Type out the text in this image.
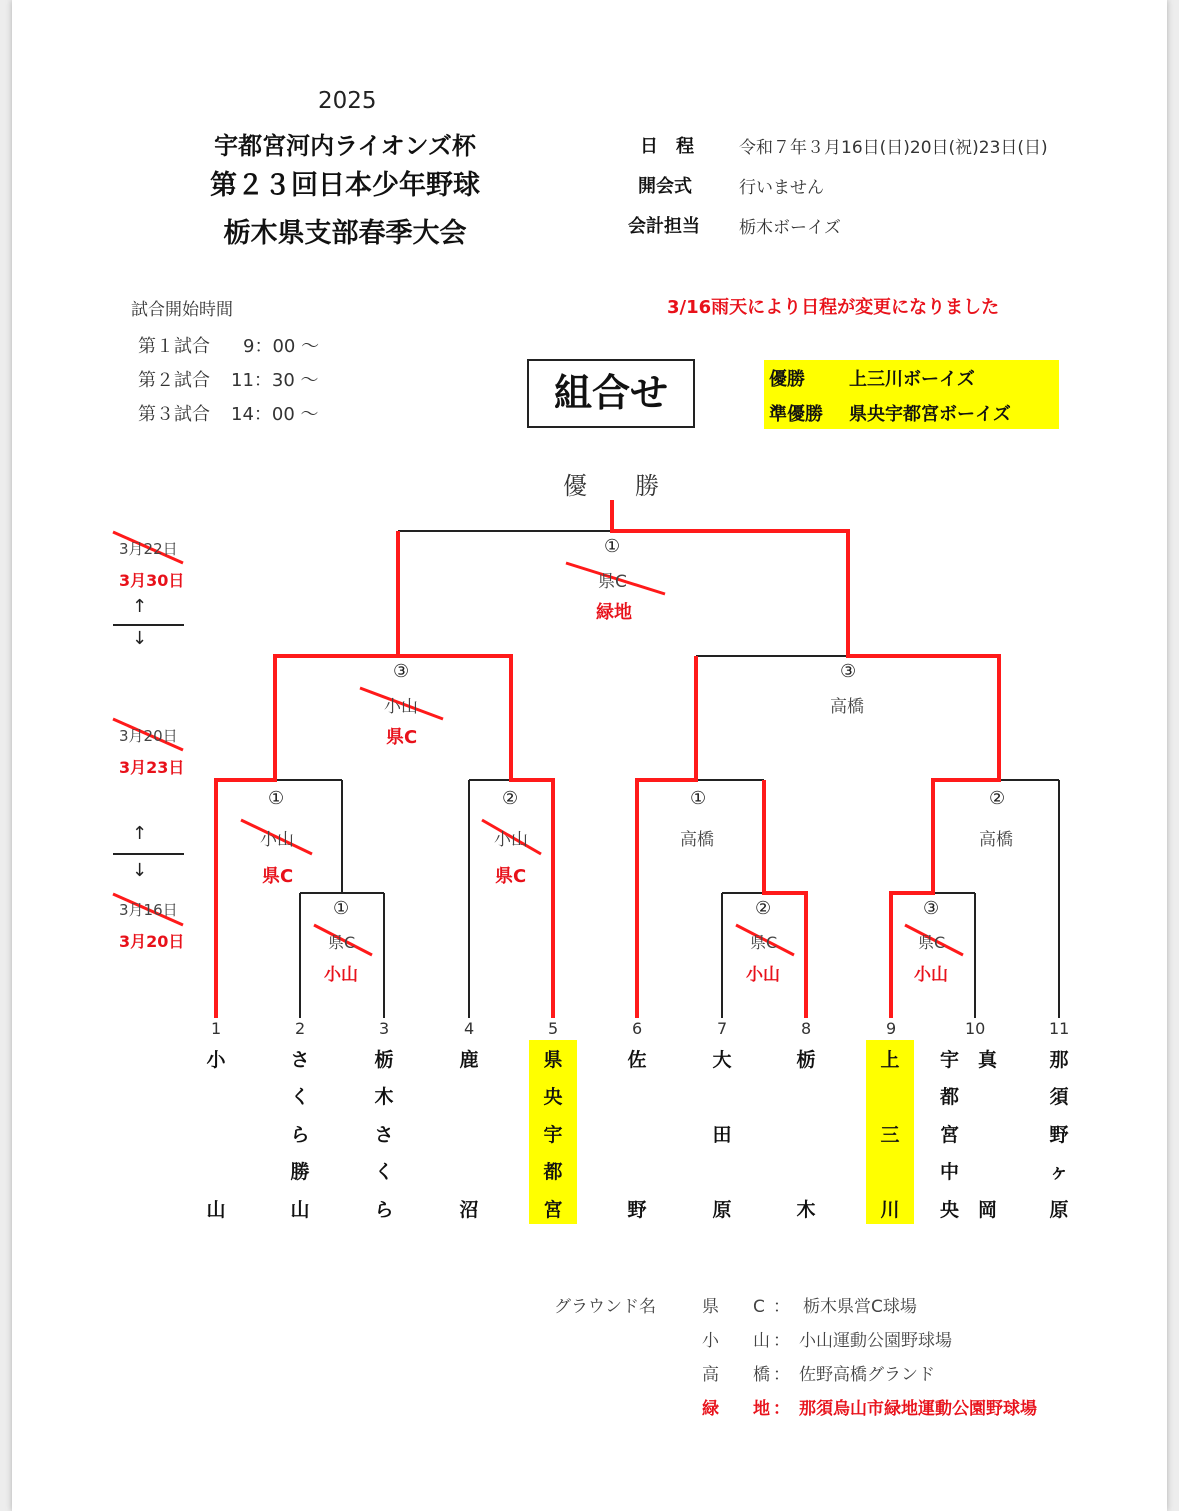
2025
宇都宮河内ライオンズ杯
第２３回日本少年野球
栃木県支部春季大会
日　程	令和７年３月16日(日)20日(祝)23日(日)
開会式	行いません
会計担当 栃木ボーイズ
3/16雨天により日程が変更になりました
試合開始時間
第１試合 9：00 ～
第２試合 11：30 ～
第３試合 14：00 ～	組合せ	優勝 上三川ボーイズ
準優勝 県央宇都宮ボーイズ
優　　勝
3月22日
3月30日
↑
↓
3月20日
3月23日
↑
↓
3月16日
3月20日
①
県C
緑地
③
小山
県C
③
高橋
①
小山
県C
②
小山
県C
①
高橋
②
高橋
①
県C
小山
②
県C
小山
③
県C
小山
1	2	3	4	5	6	7	8	9	10	11
小
山
さ
く
ら
勝
山
栃
木
さ
く
ら
鹿
沼
県
央
宇
都
宮
佐
野
大
田
原
栃
木
上
三
川
宇　真
都
宮
中
央　岡
那
須
野
ヶ
原
グラウンド名	県　　C ： 栃木県営C球場
小　　山 ： 小山運動公園野球場
高　　橋 ： 佐野高橋グランド
緑　　地 ： 那須烏山市緑地運動公園野球場
